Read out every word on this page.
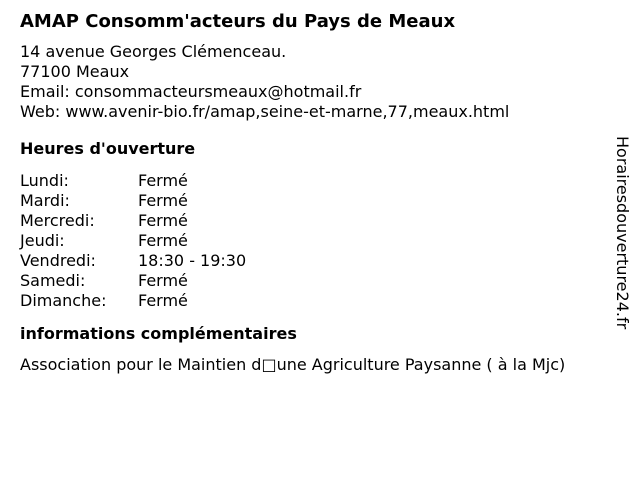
AMAP Consomm'acteurs du Pays de Meaux
14 avenue Georges Clémenceau.
77100 Meaux
Email: consommacteursmeaux@hotmail.fr
Web: www.avenir-bio.fr/amap,seine-et-marne,77,meaux.html
Heures d'ouverture
Lundi:	Fermé
Mardi:	Fermé
Mercredi:	Fermé
Jeudi:	Fermé
Vendredi:	18:30 - 19:30
Samedi:	Fermé
Dimanche:	Fermé
informations complémentaires
Association pour le Maintien d□une Agriculture Paysanne ( à la Mjc)
Horairesdouverture24.fr
